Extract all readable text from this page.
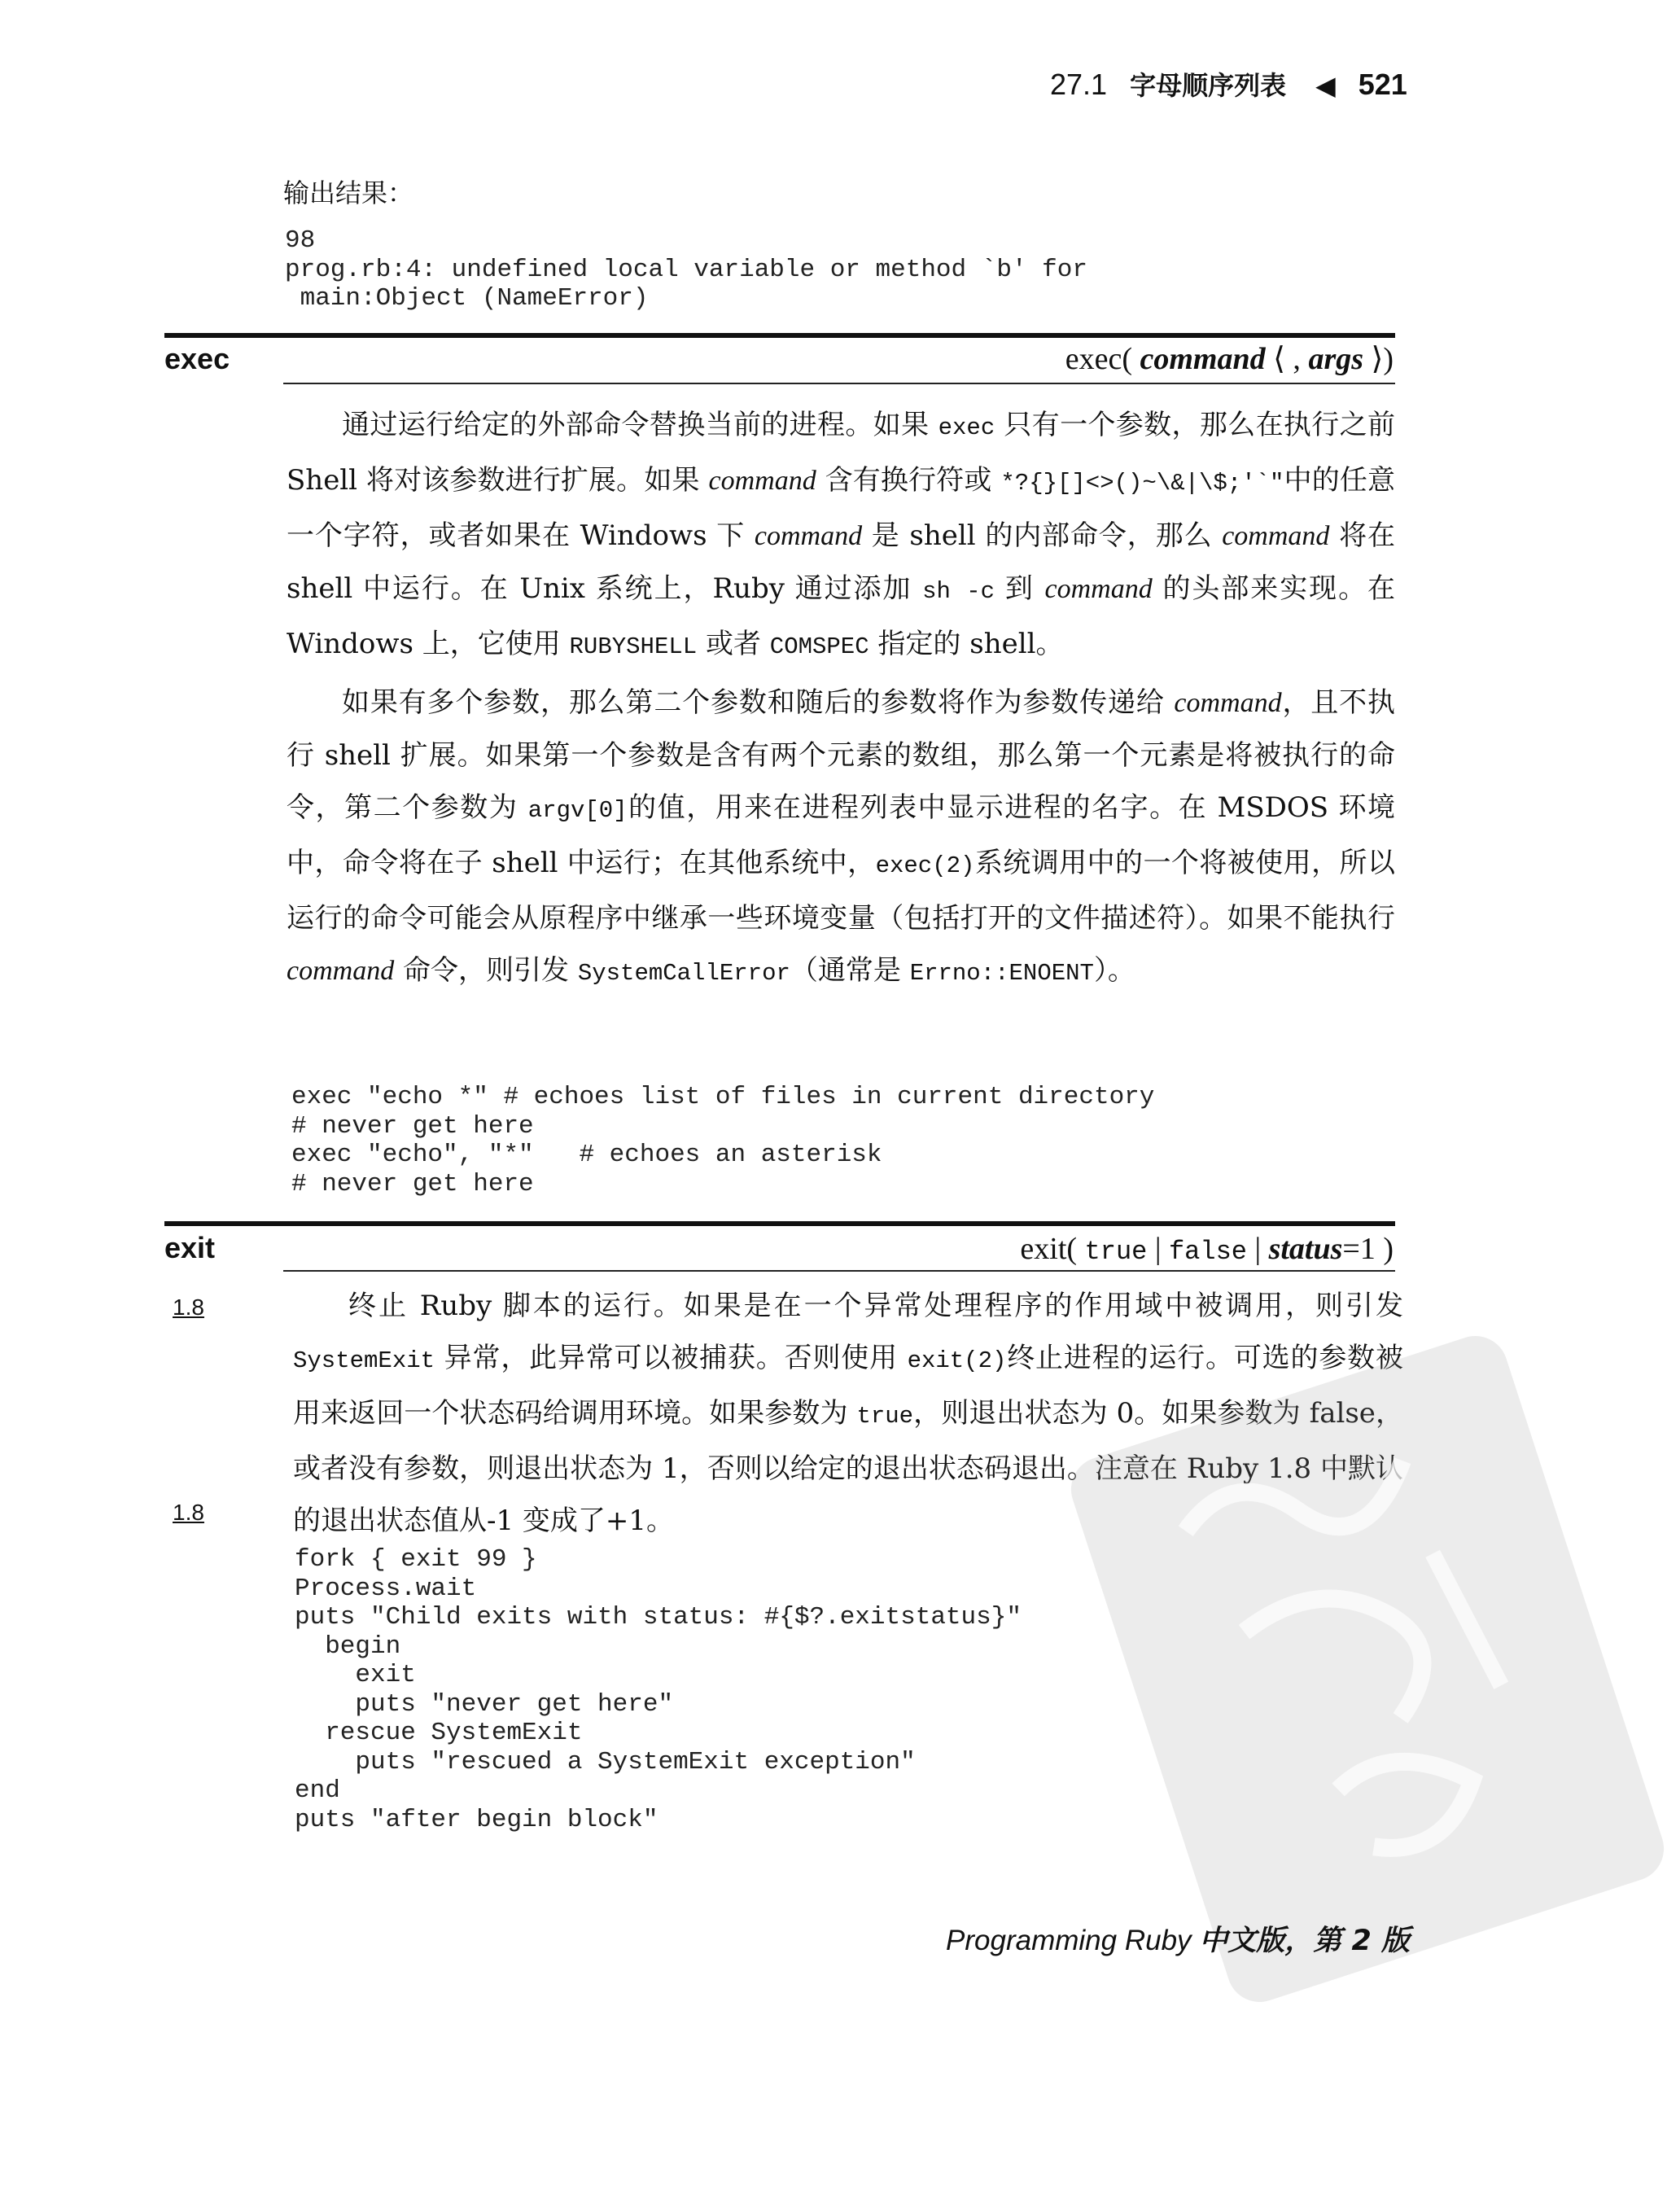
27.1 字母顺序列表 ◀ 521
输出结果：
98
prog.rb:4: undefined local variable or method `b' for
main:Object (NameError)
exec	exec( command ⟨ , args ⟩)

通过运行给定的外部命令替换当前的进程。如果 exec 只有一个参数，那么在执行之前 Shell 将对该参数进行扩展。如果 command 含有换行符或 *?{}[]<>()~\&|\$;'`"中的任意一个字符，或者如果在 Windows 下 command 是 shell 的内部命令，那么 command 将在 shell 中运行。在 Unix 系统上，Ruby 通过添加 sh -c 到 command 的头部来实现。在 Windows 上，它使用 RUBYSHELL 或者 COMSPEC 指定的 shell。

如果有多个参数，那么第二个参数和随后的参数将作为参数传递给 command，且不执行 shell 扩展。如果第一个参数是含有两个元素的数组，那么第一个元素是将被执行的命令，第二个参数为 argv[0]的值，用来在进程列表中显示进程的名字。在 MSDOS 环境中，命令将在子 shell 中运行；在其他系统中，exec(2)系统调用中的一个将被使用，所以运行的命令可能会从原程序中继承一些环境变量（包括打开的文件描述符）。如果不能执行 command 命令，则引发 SystemCallError（通常是 Errno::ENOENT）。

exec "echo *" # echoes list of files in current directory
# never get here
exec "echo", "*"   # echoes an asterisk
# never get here
exit	exit( true | false | status=1 )
1.8
1.8

终止 Ruby 脚本的运行。如果是在一个异常处理程序的作用域中被调用，则引发 SystemExit 异常，此异常可以被捕获。否则使用 exit(2)终止进程的运行。可选的参数被用来返回一个状态码给调用环境。如果参数为 true，则退出状态为 0。如果参数为 false，或者没有参数，则退出状态为 1，否则以给定的退出状态码退出。注意在 Ruby 1.8 中默认的退出状态值从-1 变成了+1。

fork { exit 99 }
Process.wait
puts "Child exits with status: #{$?.exitstatus}"
begin
exit
puts "never get here"
rescue SystemExit
puts "rescued a SystemExit exception"
end
puts "after begin block"
Programming Ruby 中文版，第 2 版
